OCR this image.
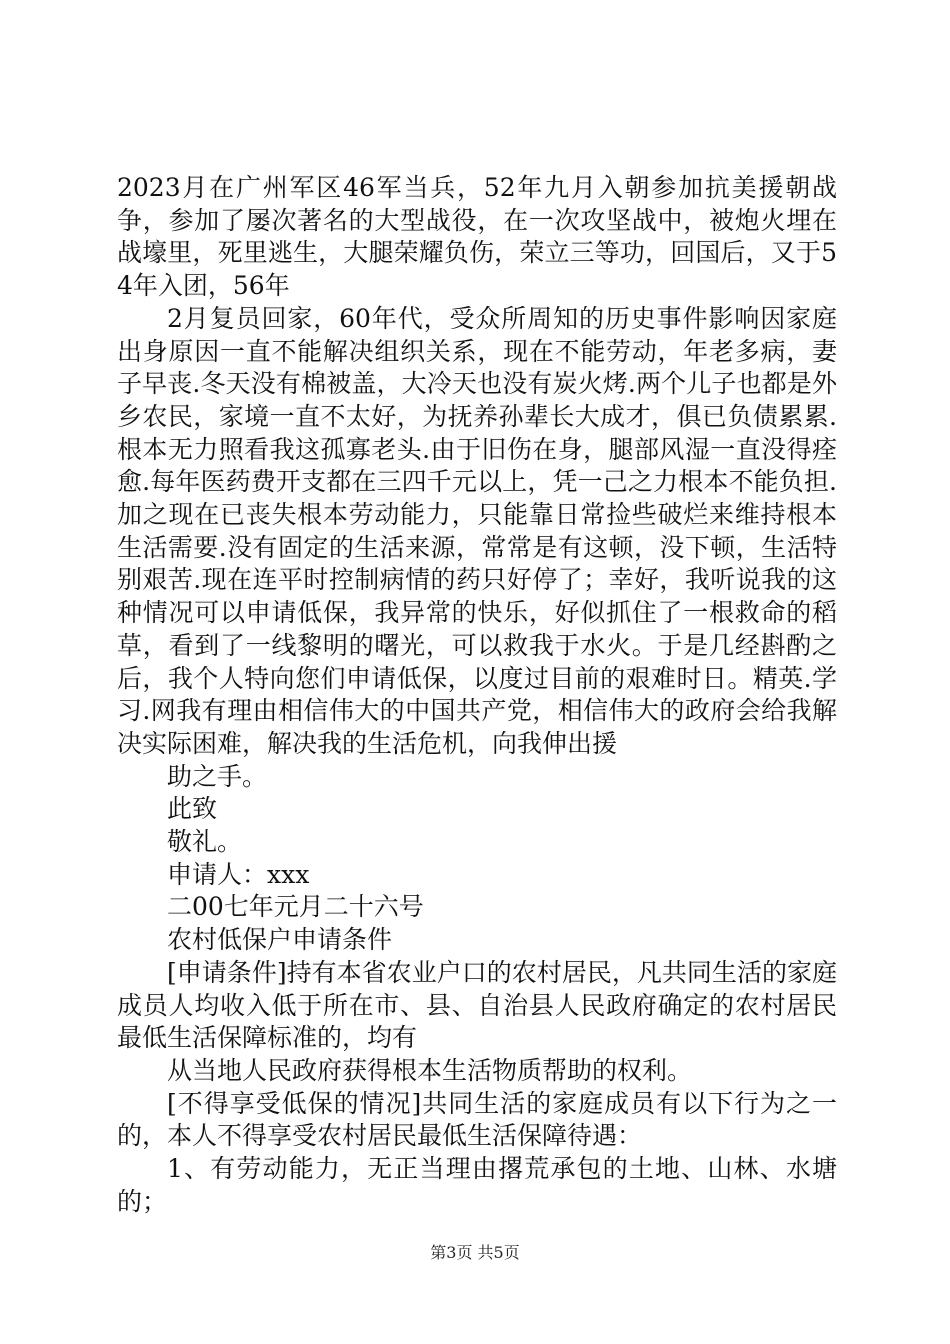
2023月在广州军区46军当兵，52年九月入朝参加抗美援朝战争，参加了屡次著名的大型战役，在一次攻坚战中，被炮火埋在战壕里，死里逃生，大腿荣耀负伤，荣立三等功，回国后，又于54年入团，56年

2月复员回家，60年代，受众所周知的历史事件影响因家庭出身原因一直不能解决组织关系，现在不能劳动，年老多病，妻子早丧.冬天没有棉被盖，大冷天也没有炭火烤.两个儿子也都是外乡农民，家境一直不太好，为抚养孙辈长大成才，俱已负债累累.根本无力照看我这孤寡老头.由于旧伤在身，腿部风湿一直没得痊愈.每年医药费开支都在三四千元以上，凭一己之力根本不能负担.加之现在已丧失根本劳动能力，只能靠日常捡些破烂来维持根本生活需要.没有固定的生活来源，常常是有这顿，没下顿，生活特别艰苦.现在连平时控制病情的药只好停了；幸好，我听说我的这种情况可以申请低保，我异常的快乐，好似抓住了一根救命的稻草，看到了一线黎明的曙光，可以救我于水火。于是几经斟酌之后，我个人特向您们申请低保，以度过目前的艰难时日。精英.学习.网我有理由相信伟大的中国共产党，相信伟大的政府会给我解决实际困难，解决我的生活危机，向我伸出援

助之手。

此致

敬礼。

申请人：xxx

二00七年元月二十六号

农村低保户申请条件

[申请条件]持有本省农业户口的农村居民，凡共同生活的家庭成员人均收入低于所在市、县、自治县人民政府确定的农村居民最低生活保障标准的，均有

从当地人民政府获得根本生活物质帮助的权利。

[不得享受低保的情况]共同生活的家庭成员有以下行为之一的，本人不得享受农村居民最低生活保障待遇：

1、有劳动能力，无正当理由撂荒承包的土地、山林、水塘的；

第3页 共5页
